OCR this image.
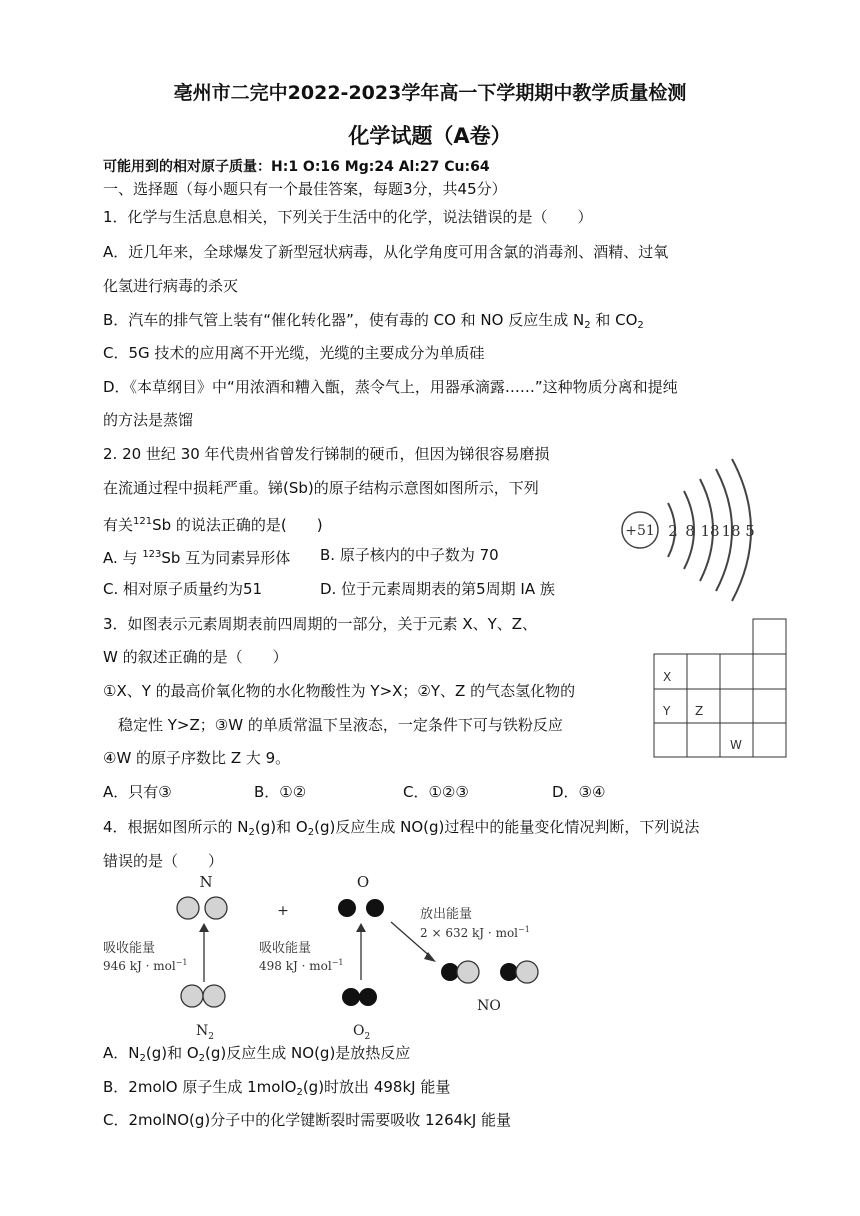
亳州市二完中2022-2023学年高一下学期期中教学质量检测
化学试题（A卷）
可能用到的相对原子质量：H:1 O:16 Mg:24 Al:27 Cu:64
一、选择题（每小题只有一个最佳答案，每题3分，共45分）
1．化学与生活息息相关，下列关于生活中的化学，说法错误的是（　　）
A．近几年来，全球爆发了新型冠状病毒，从化学角度可用含氯的消毒剂、酒精、过氧
化氢进行病毒的杀灭
B．汽车的排气管上装有“催化转化器”，使有毒的 CO 和 NO 反应生成 $N_2$ 和 $CO_2$
C．5G 技术的应用离不开光缆，光缆的主要成分为单质硅
D．《本草纲目》中“用浓酒和糟入甑，蒸令气上，用器承滴露……”这种物质分离和提纯
的方法是蒸馏
2. 20 世纪 30 年代贵州省曾发行锑制的硬币，但因为锑很容易磨损
在流通过程中损耗严重。锑(Sb)的原子结构示意图如图所示，下列
有关$^{121}$Sb 的说法正确的是(　　)
A. 与 $^{123}$Sb 互为同素异形体 B. 原子核内的中子数为 70
C. 相对原子质量约为51	D. 位于元素周期表的第5周期 IA 族
+51 2 8 18 18 5
3．如图表示元素周期表前四周期的一部分，关于元素 X、Y、Z、
W 的叙述正确的是（　　）
①X、Y 的最高价氧化物的水化物酸性为 Y>X；②Y、Z 的气态氢化物的
　稳定性 Y>Z；③W 的单质常温下呈液态，一定条件下可与铁粉反应
④W 的原子序数比 Z 大 9。
A．只有③	B．①②	C．①②③	D．③④
X
Y Z
W
4．根据如图所示的 $N_2(g)$和 $O_2(g)$反应生成 NO(g)过程中的能量变化情况判断，下列说法
错误的是（　　）
N
+
O
吸收能量
946 kJ · mol$^{-1}$
吸收能量
498 kJ · mol$^{-1}$
放出能量
2 × 632 kJ · mol$^{-1}$
$N_2$	$O_2$
NO
A．$N_2(g)$和 $O_2(g)$反应生成 NO(g)是放热反应
B．2molO 原子生成 1molO$_2$(g)时放出 498kJ 能量
C．2molNO(g)分子中的化学键断裂时需要吸收 1264kJ 能量
